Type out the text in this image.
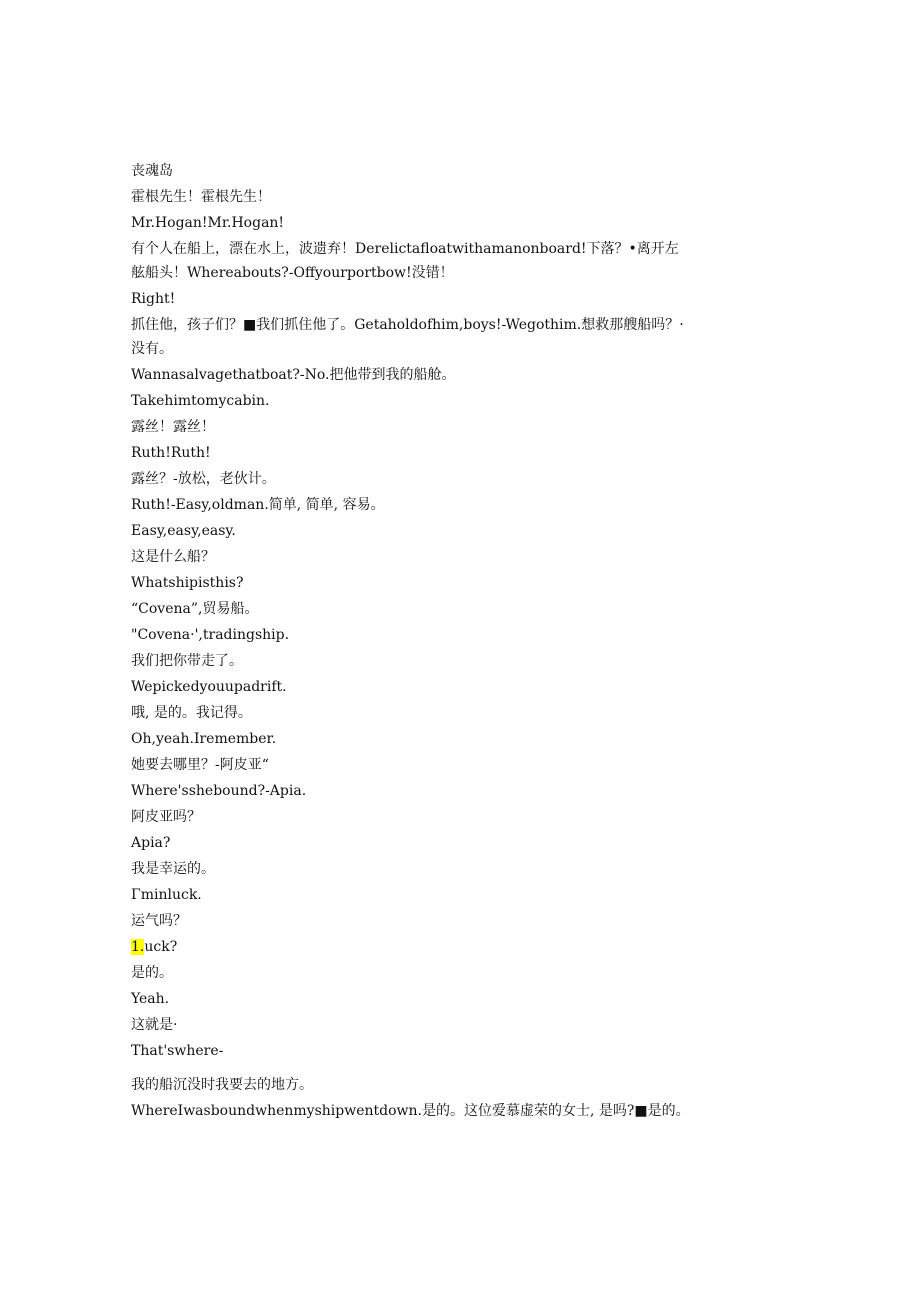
丧魂岛
霍根先生！霍根先生！
Mr.Hogan!Mr.Hogan!
有个人在船上，漂在水上，波遗弃！Derelictafloatwithamanonboard!下落？•离开左舷船头！Whereabouts?-Offyourportbow!没错！
Right!
抓住他，孩子们？■我们抓住他了。Getaholdofhim,boys!-Wegothim.想救那艘船吗？·没有。
Wannasalvagethatboat?-No.把他带到我的船舱。
Takehimtomycabin.
露丝！露丝！
Ruth!Ruth!
露丝？-放松，老伙计。
Ruth!-Easy,oldman.简单, 简单, 容易。
Easy,easy,easy.
这是什么船？
Whatshipisthis?
“Covena”,贸易船。
"Covena·',tradingship.
我们把你带走了。
Wepickedyouupadrift.
哦, 是的。我记得。
Oh,yeah.Iremember.
她要去哪里？-阿皮亚“
Where'sshebound?-Apia.
阿皮亚吗？
Apia?
我是幸运的。
Γminluck.
运气吗？
1.uck?
是的。
Yeah.
这就是·
That'swhere-
我的船沉没时我要去的地方。
WhereIwasboundwhenmyshipwentdown.是的。这位爱慕虚荣的女士, 是吗?■是的。
